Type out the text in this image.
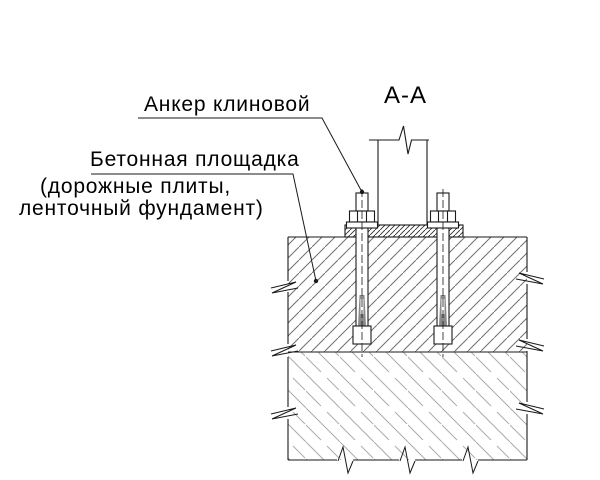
Анкер клиновой
Бетонная площадка
(дорожные плиты,
ленточный фундамент)
A-A
